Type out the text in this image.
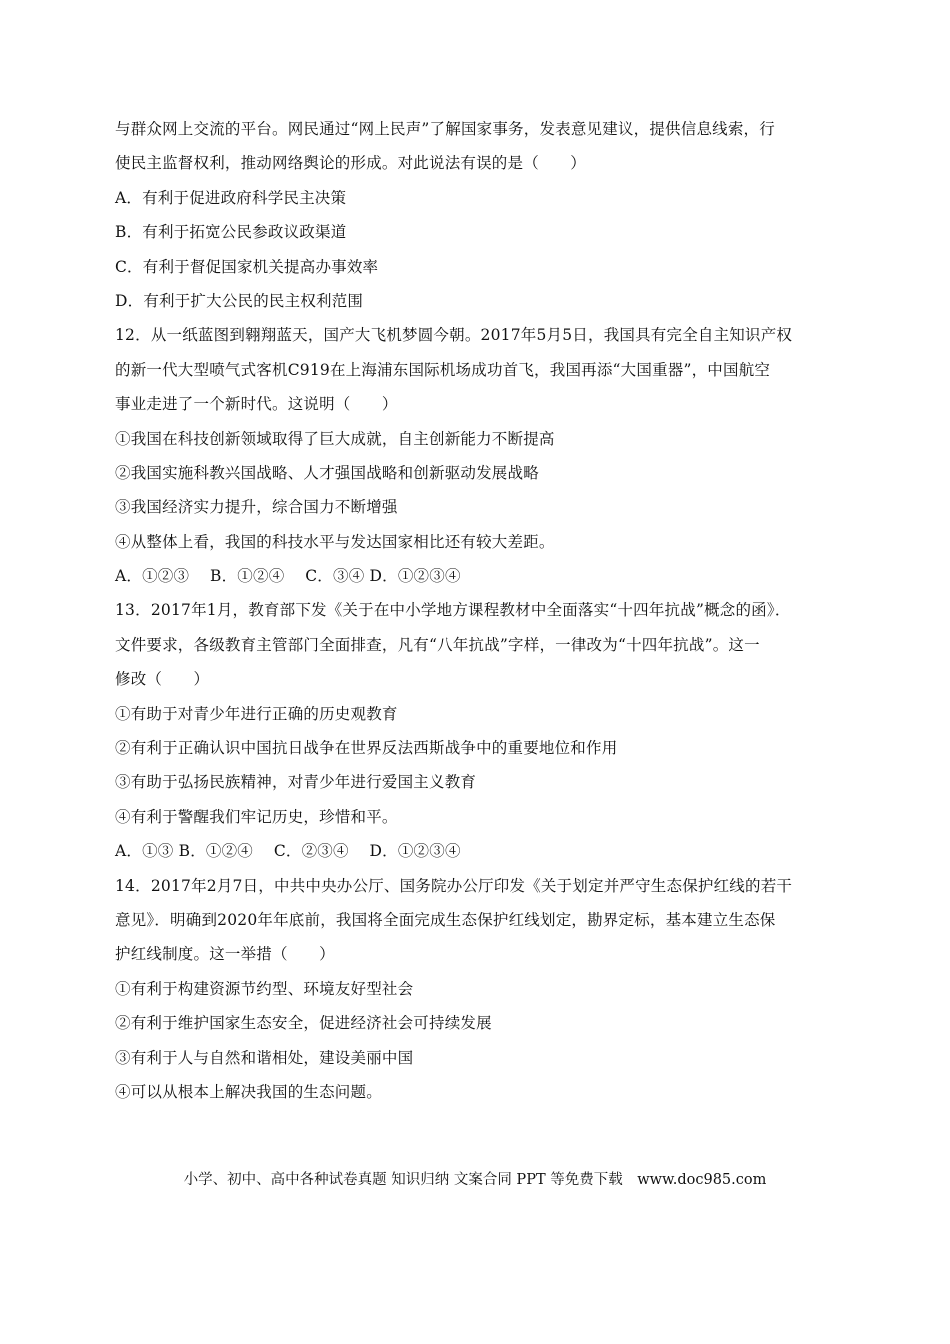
与群众网上交流的平台。网民通过“网上民声”了解国家事务，发表意见建议，提供信息线索，行
使民主监督权利，推动网络舆论的形成。对此说法有误的是（　　）
A．有利于促进政府科学民主决策
B．有利于拓宽公民参政议政渠道
C．有利于督促国家机关提高办事效率
D．有利于扩大公民的民主权利范围
12．从一纸蓝图到翱翔蓝天，国产大飞机梦圆今朝。2017年5月5日，我国具有完全自主知识产权
的新一代大型喷气式客机C919在上海浦东国际机场成功首飞，我国再添“大国重器”，中国航空
事业走进了一个新时代。这说明（　　）
①我国在科技创新领域取得了巨大成就，自主创新能力不断提高
②我国实施科教兴国战略、人才强国战略和创新驱动发展战略
③我国经济实力提升，综合国力不断增强
④从整体上看，我国的科技水平与发达国家相比还有较大差距。
A．①②③　 B．①②④　 C．③④ D．①②③④
13．2017年1月，教育部下发《关于在中小学地方课程教材中全面落实“十四年抗战”概念的函》．
文件要求，各级教育主管部门全面排查，凡有“八年抗战”字样，一律改为“十四年抗战”。这一
修改（　　）
①有助于对青少年进行正确的历史观教育
②有利于正确认识中国抗日战争在世界反法西斯战争中的重要地位和作用
③有助于弘扬民族精神，对青少年进行爱国主义教育
④有利于警醒我们牢记历史，珍惜和平。
A．①③ B．①②④　 C．②③④　 D．①②③④
14．2017年2月7日，中共中央办公厅、国务院办公厅印发《关于划定并严守生态保护红线的若干
意见》．明确到2020年年底前，我国将全面完成生态保护红线划定，勘界定标，基本建立生态保
护红线制度。这一举措（　　）
①有利于构建资源节约型、环境友好型社会
②有利于维护国家生态安全，促进经济社会可持续发展
③有利于人与自然和谐相处，建设美丽中国
④可以从根本上解决我国的生态问题。
小学、初中、高中各种试卷真题 知识归纳 文案合同 PPT 等免费下载　www.doc985.com
